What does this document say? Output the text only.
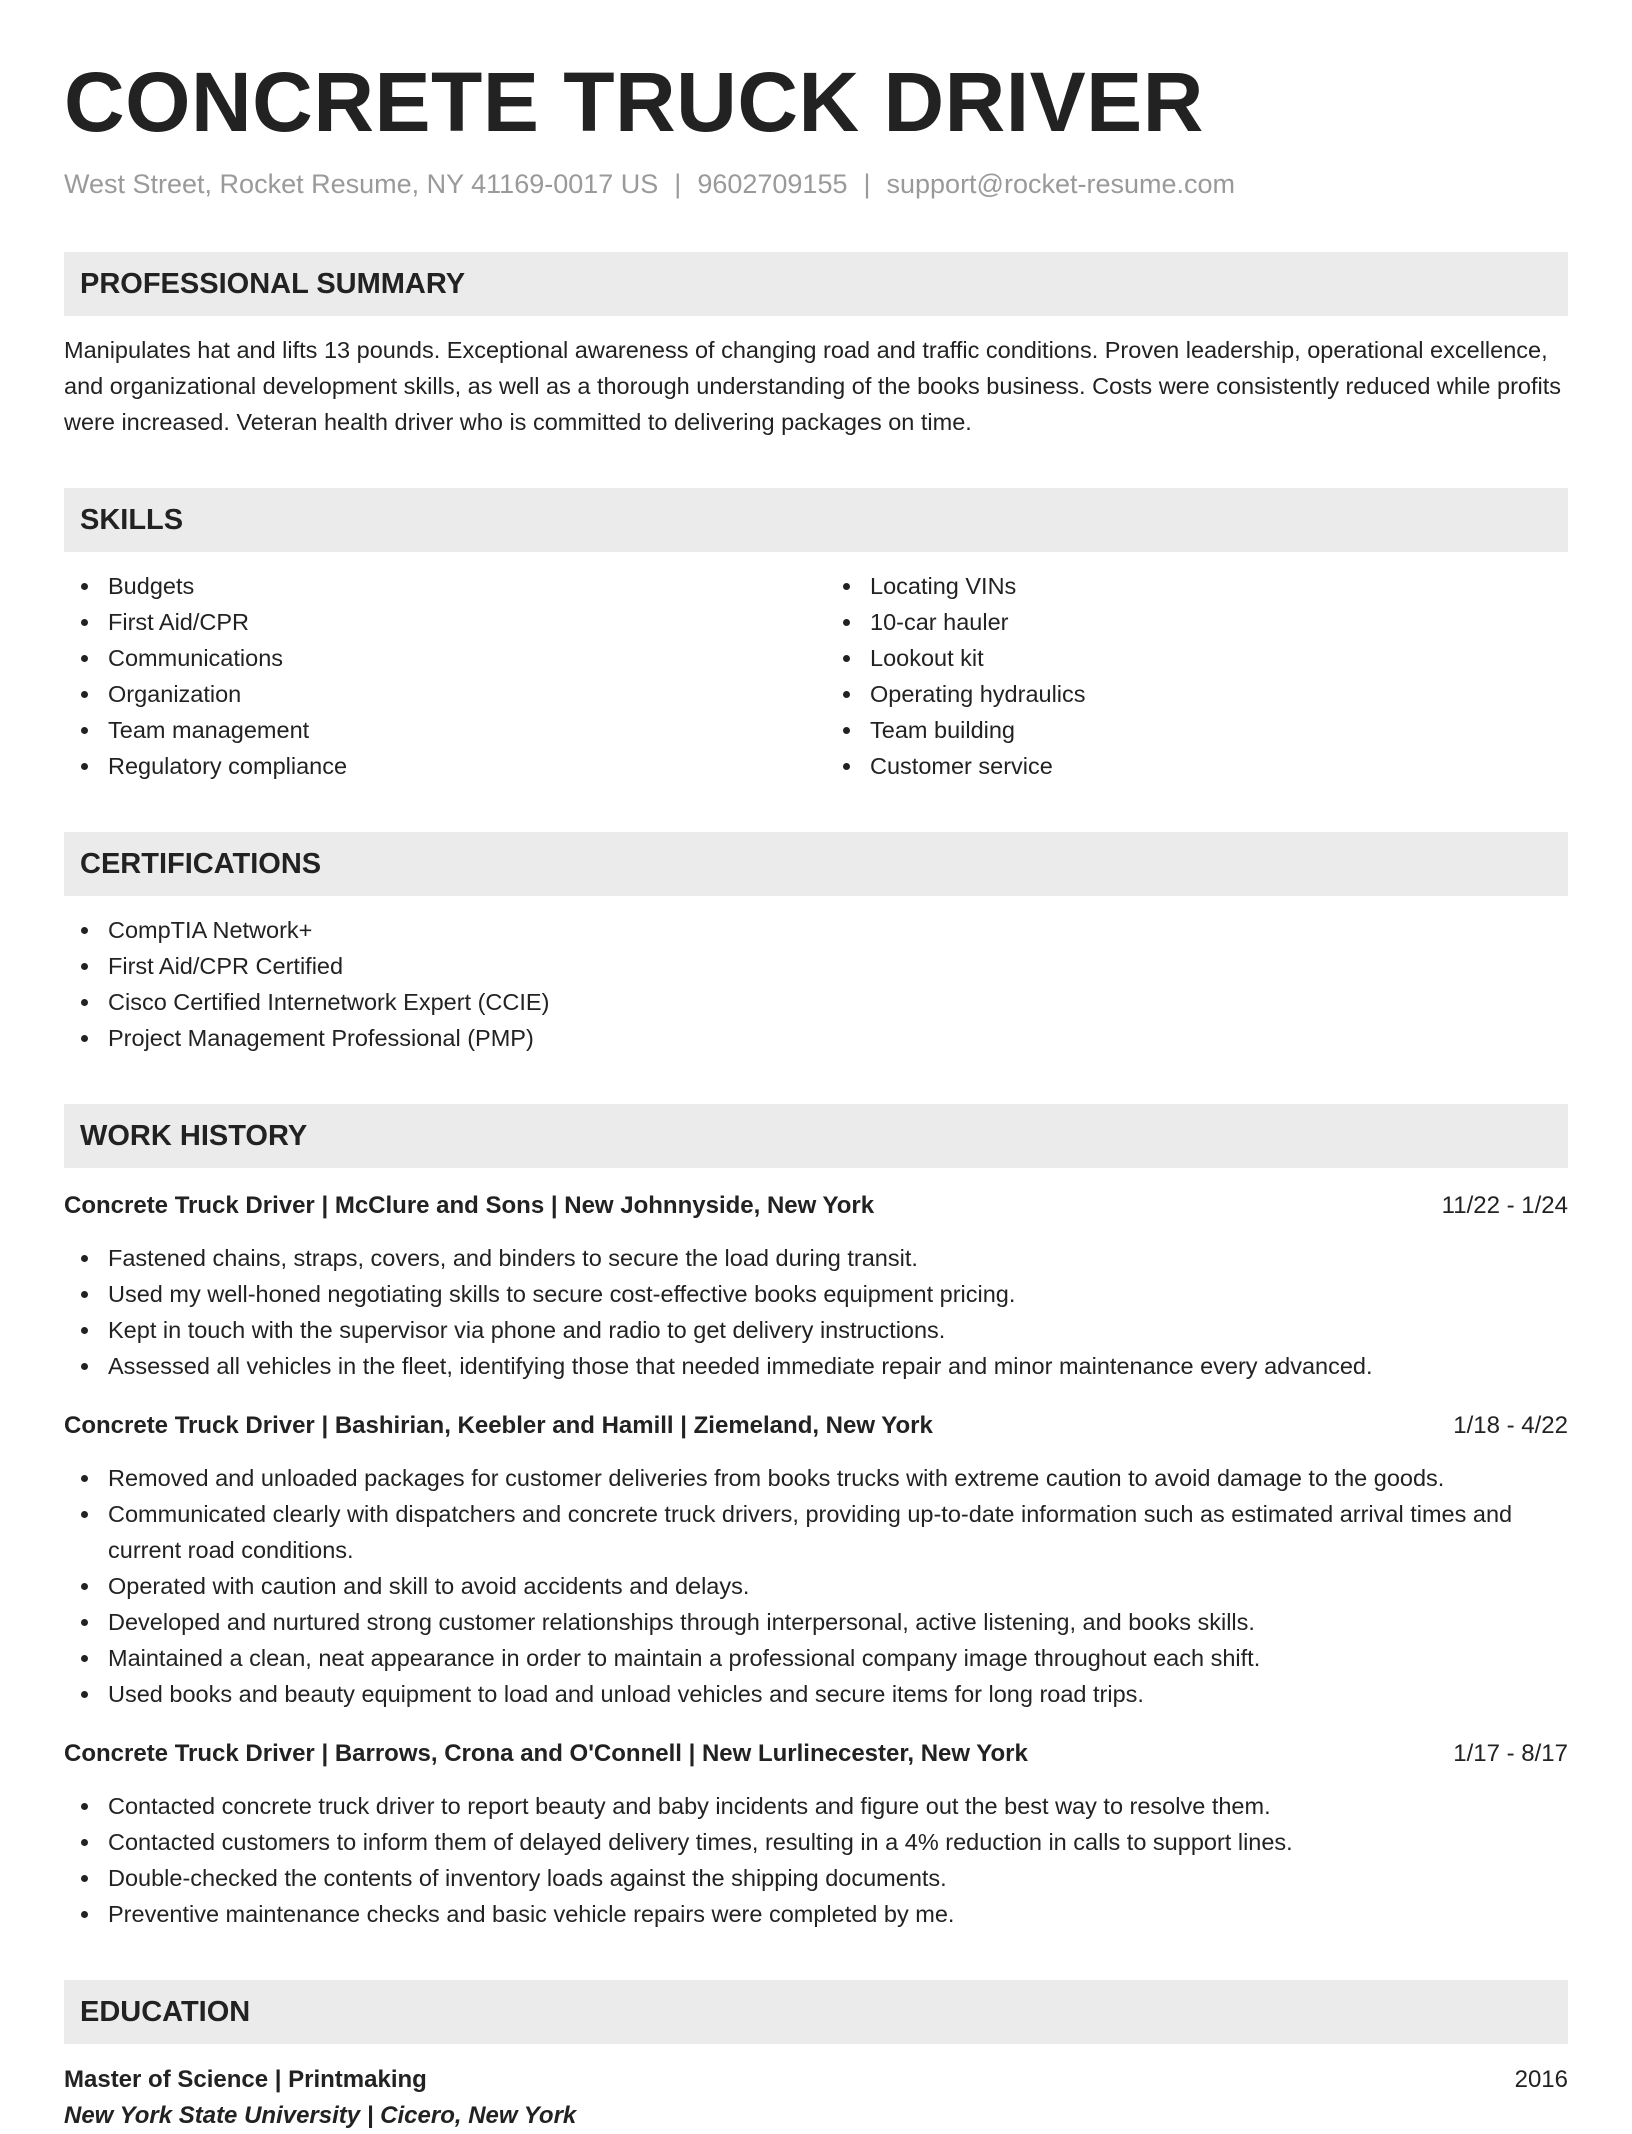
CONCRETE TRUCK DRIVER
West Street, Rocket Resume, NY 41169-0017 US | 9602709155 | support@rocket-resume.com
PROFESSIONAL SUMMARY
Manipulates hat and lifts 13 pounds. Exceptional awareness of changing road and traffic conditions. Proven leadership, operational excellence, and organizational development skills, as well as a thorough understanding of the books business. Costs were consistently reduced while profits were increased. Veteran health driver who is committed to delivering packages on time.
SKILLS
Budgets
First Aid/CPR
Communications
Organization
Team management
Regulatory compliance
Locating VINs
10-car hauler
Lookout kit
Operating hydraulics
Team building
Customer service
CERTIFICATIONS
CompTIA Network+
First Aid/CPR Certified
Cisco Certified Internetwork Expert (CCIE)
Project Management Professional (PMP)
WORK HISTORY
Concrete Truck Driver | McClure and Sons | New Johnnyside, New York	11/22 - 1/24
Fastened chains, straps, covers, and binders to secure the load during transit.
Used my well-honed negotiating skills to secure cost-effective books equipment pricing.
Kept in touch with the supervisor via phone and radio to get delivery instructions.
Assessed all vehicles in the fleet, identifying those that needed immediate repair and minor maintenance every advanced.
Concrete Truck Driver | Bashirian, Keebler and Hamill | Ziemeland, New York	1/18 - 4/22
Removed and unloaded packages for customer deliveries from books trucks with extreme caution to avoid damage to the goods.
Communicated clearly with dispatchers and concrete truck drivers, providing up-to-date information such as estimated arrival times and current road conditions.
Operated with caution and skill to avoid accidents and delays.
Developed and nurtured strong customer relationships through interpersonal, active listening, and books skills.
Maintained a clean, neat appearance in order to maintain a professional company image throughout each shift.
Used books and beauty equipment to load and unload vehicles and secure items for long road trips.
Concrete Truck Driver | Barrows, Crona and O'Connell | New Lurlinecester, New York	1/17 - 8/17
Contacted concrete truck driver to report beauty and baby incidents and figure out the best way to resolve them.
Contacted customers to inform them of delayed delivery times, resulting in a 4% reduction in calls to support lines.
Double-checked the contents of inventory loads against the shipping documents.
Preventive maintenance checks and basic vehicle repairs were completed by me.
EDUCATION
Master of Science | Printmaking	2016
New York State University | Cicero, New York
